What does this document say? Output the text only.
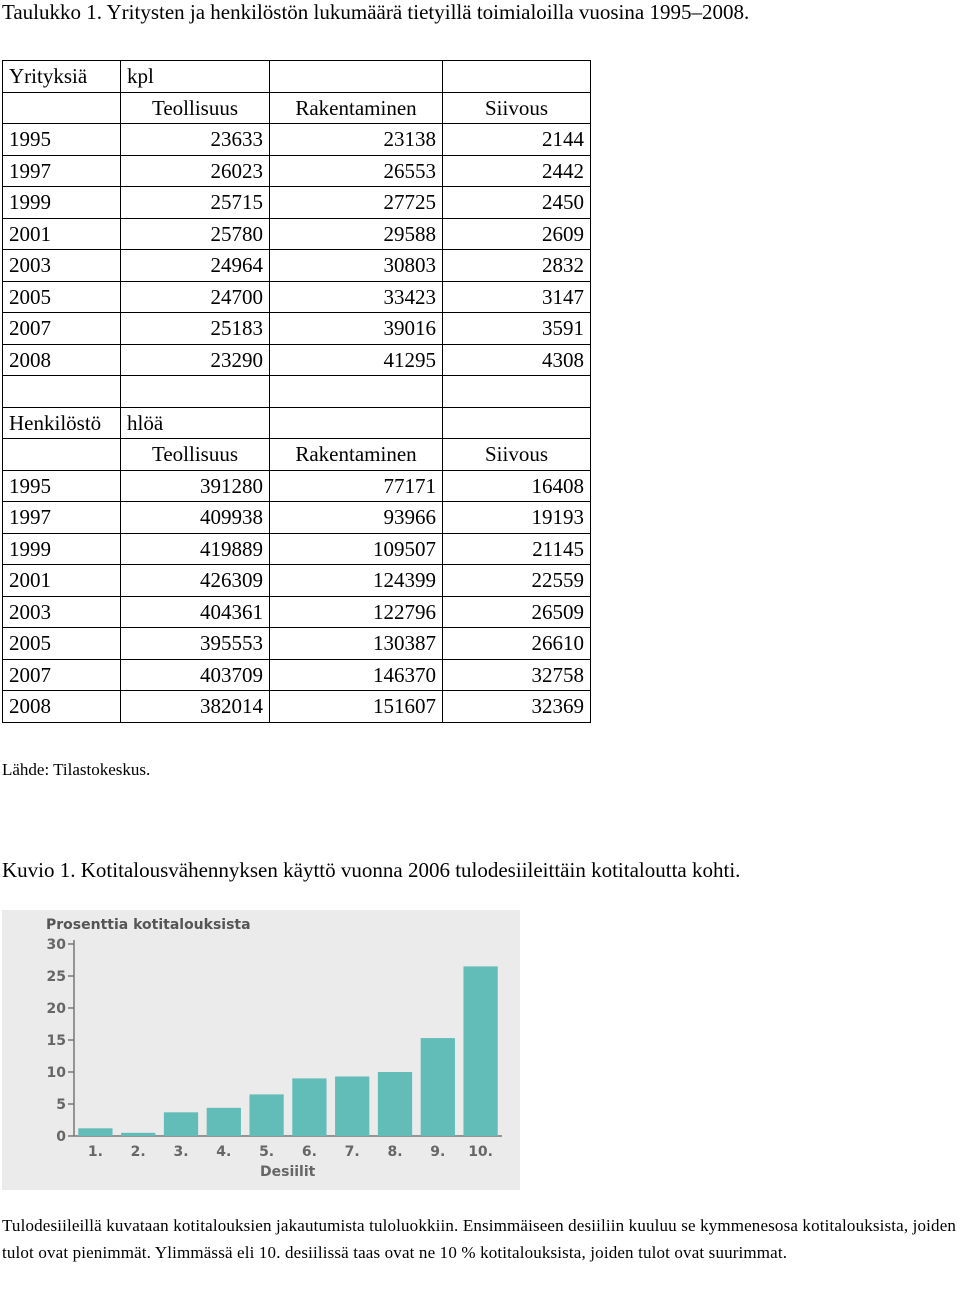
Taulukko 1. Yritysten ja henkilöstön lukumäärä tietyillä toimialoilla vuosina 1995–2008.
Yrityksiä	kpl		
	Teollisuus	Rakentaminen	Siivous
1995	23633	23138	2144
1997	26023	26553	2442
1999	25715	27725	2450
2001	25780	29588	2609
2003	24964	30803	2832
2005	24700	33423	3147
2007	25183	39016	3591
2008	23290	41295	4308

Henkilöstö	hlöä		
	Teollisuus	Rakentaminen	Siivous
1995	391280	77171	16408
1997	409938	93966	19193
1999	419889	109507	21145
2001	426309	124399	22559
2003	404361	122796	26509
2005	395553	130387	26610
2007	403709	146370	32758
2008	382014	151607	32369
Lähde: Tilastokeskus.
Kuvio 1. Kotitalousvähennyksen käyttö vuonna 2006 tulodesiileittäin kotitaloutta kohti.
Prosenttia kotitalouksista
0
5
10
15
20
25
30
1. 2. 3. 4. 5. 6. 7. 8. 9. 10.
Desiilit
Tulodesiileillä kuvataan kotitalouksien jakautumista tuloluokkiin. Ensimmäiseen desiiliin kuuluu se kymmenesosa kotitalouksista, joiden tulot ovat pienimmät. Ylimmässä eli 10. desiilissä taas ovat ne 10 % kotitalouksista, joiden tulot ovat suurimmat.
